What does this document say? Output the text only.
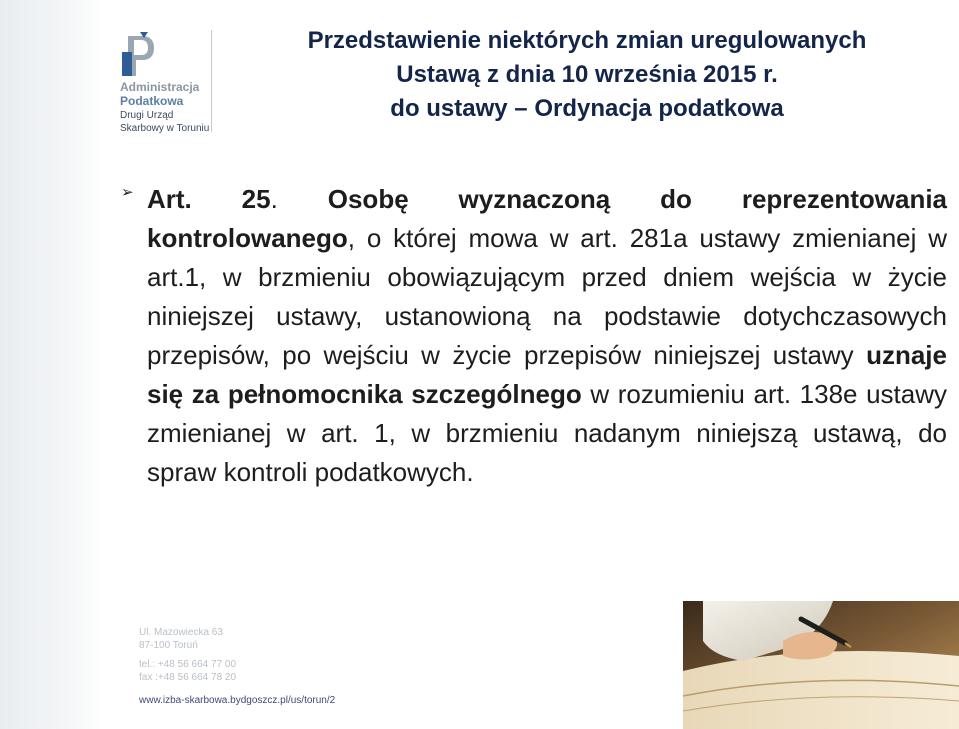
Administracja
Podatkowa
Drugi Urząd
Skarbowy w Toruniu
Przedstawienie niektórych zmian uregulowanych
Ustawą z dnia 10 września 2015 r.
do ustawy – Ordynacja podatkowa
➢ Art. 25. Osobę wyznaczoną do reprezentowania kontrolowanego, o której mowa w art. 281a ustawy zmienianej w art.1, w brzmieniu obowiązującym przed dniem wejścia w życie niniejszej ustawy, ustanowioną na podstawie dotychczasowych przepisów, po wejściu w życie przepisów niniejszej ustawy uznaje się za pełnomocnika szczególnego w rozumieniu art. 138e ustawy zmienianej w art. 1, w brzmieniu nadanym niniejszą ustawą, do spraw kontroli podatkowych.
Ul. Mazowiecka 63
87-100 Toruń
tel.: +48 56 664 77 00
fax :+48 56 664 78 20
www.izba-skarbowa.bydgoszcz.pl/us/torun/2
